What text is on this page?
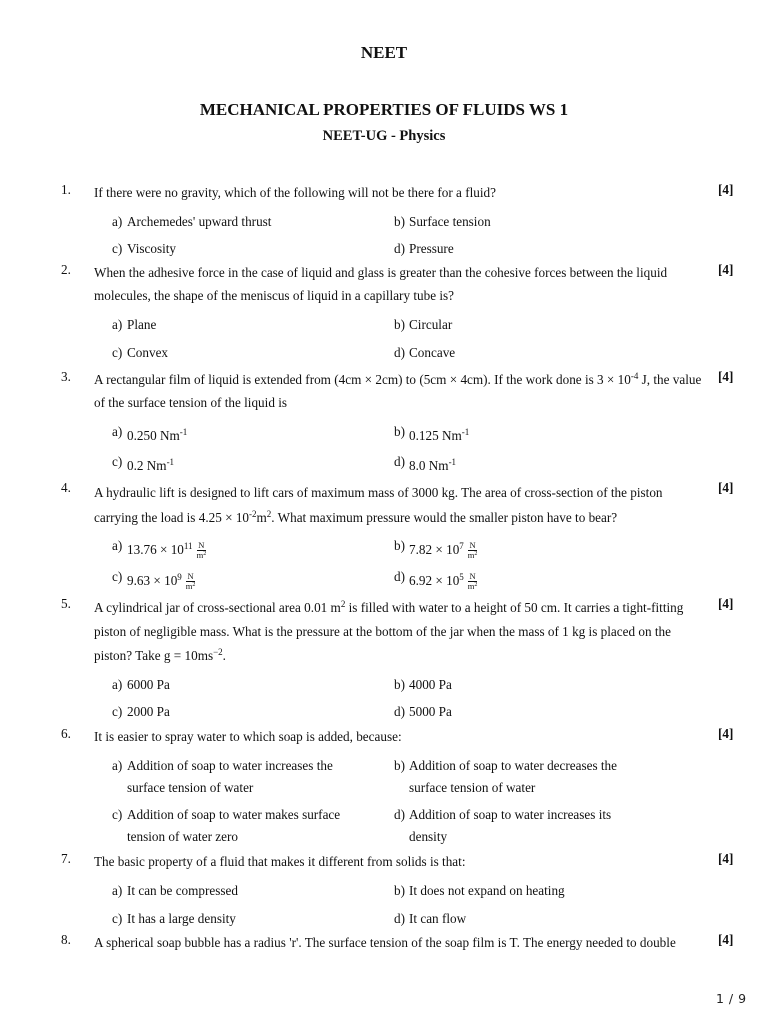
NEET
MECHANICAL PROPERTIES OF FLUIDS WS 1
NEET-UG - Physics
1. If there were no gravity, which of the following will not be there for a fluid?	[4]
a) Archemedes' upward thrust	b) Surface tension
c) Viscosity	d) Pressure
2. When the adhesive force in the case of liquid and glass is greater than the cohesive forces between the liquid molecules, the shape of the meniscus of liquid in a capillary tube is?
[4]
a) Plane	b) Circular
c) Convex	d) Concave
3. A rectangular film of liquid is extended from (4cm × 2cm) to (5cm × 4cm). If the work done is $3 \times 10^{-4}$ J, the value of the surface tension of the liquid is
[4]
a) 0.250 $Nm^{-1}$	b) 0.125 $Nm^{-1}$
c) 0.2 $Nm^{-1}$	d) 8.0 $Nm^{-1}$
4. A hydraulic lift is designed to lift cars of maximum mass of 3000 kg. The area of cross-section of the piston carrying the load is $4.25 \times 10^{-2}m^2$. What maximum pressure would the smaller piston have to bear?
[4]
a) $13.76 \times 10^{11} \frac{N}{m^2}$	b) $7.82 \times 10^7 \frac{N}{m^2}$
c) $9.63 \times 10^9 \frac{N}{m^2}$	d) $6.92 \times 10^5 \frac{N}{m^2}$
5. A cylindrical jar of cross-sectional area 0.01 $m^2$ is filled with water to a height of 50 cm. It carries a tight-fitting piston of negligible mass. What is the pressure at the bottom of the jar when the mass of 1 kg is placed on the piston? Take $g = 10ms^{-2}$.
[4]
a) 6000 Pa	b) 4000 Pa
c) 2000 Pa	d) 5000 Pa
6. It is easier to spray water to which soap is added, because:	[4]
a) Addition of soap to water increases the surface tension of water
b) Addition of soap to water decreases the surface tension of water
c) Addition of soap to water makes surface tension of water zero
d) Addition of soap to water increases its density
7. The basic property of a fluid that makes it different from solids is that:	[4]
a) It can be compressed	b) It does not expand on heating
c) It has a large density	d) It can flow
8. A spherical soap bubble has a radius 'r'. The surface tension of the soap film is T. The energy needed to double	[4]
1 / 9
